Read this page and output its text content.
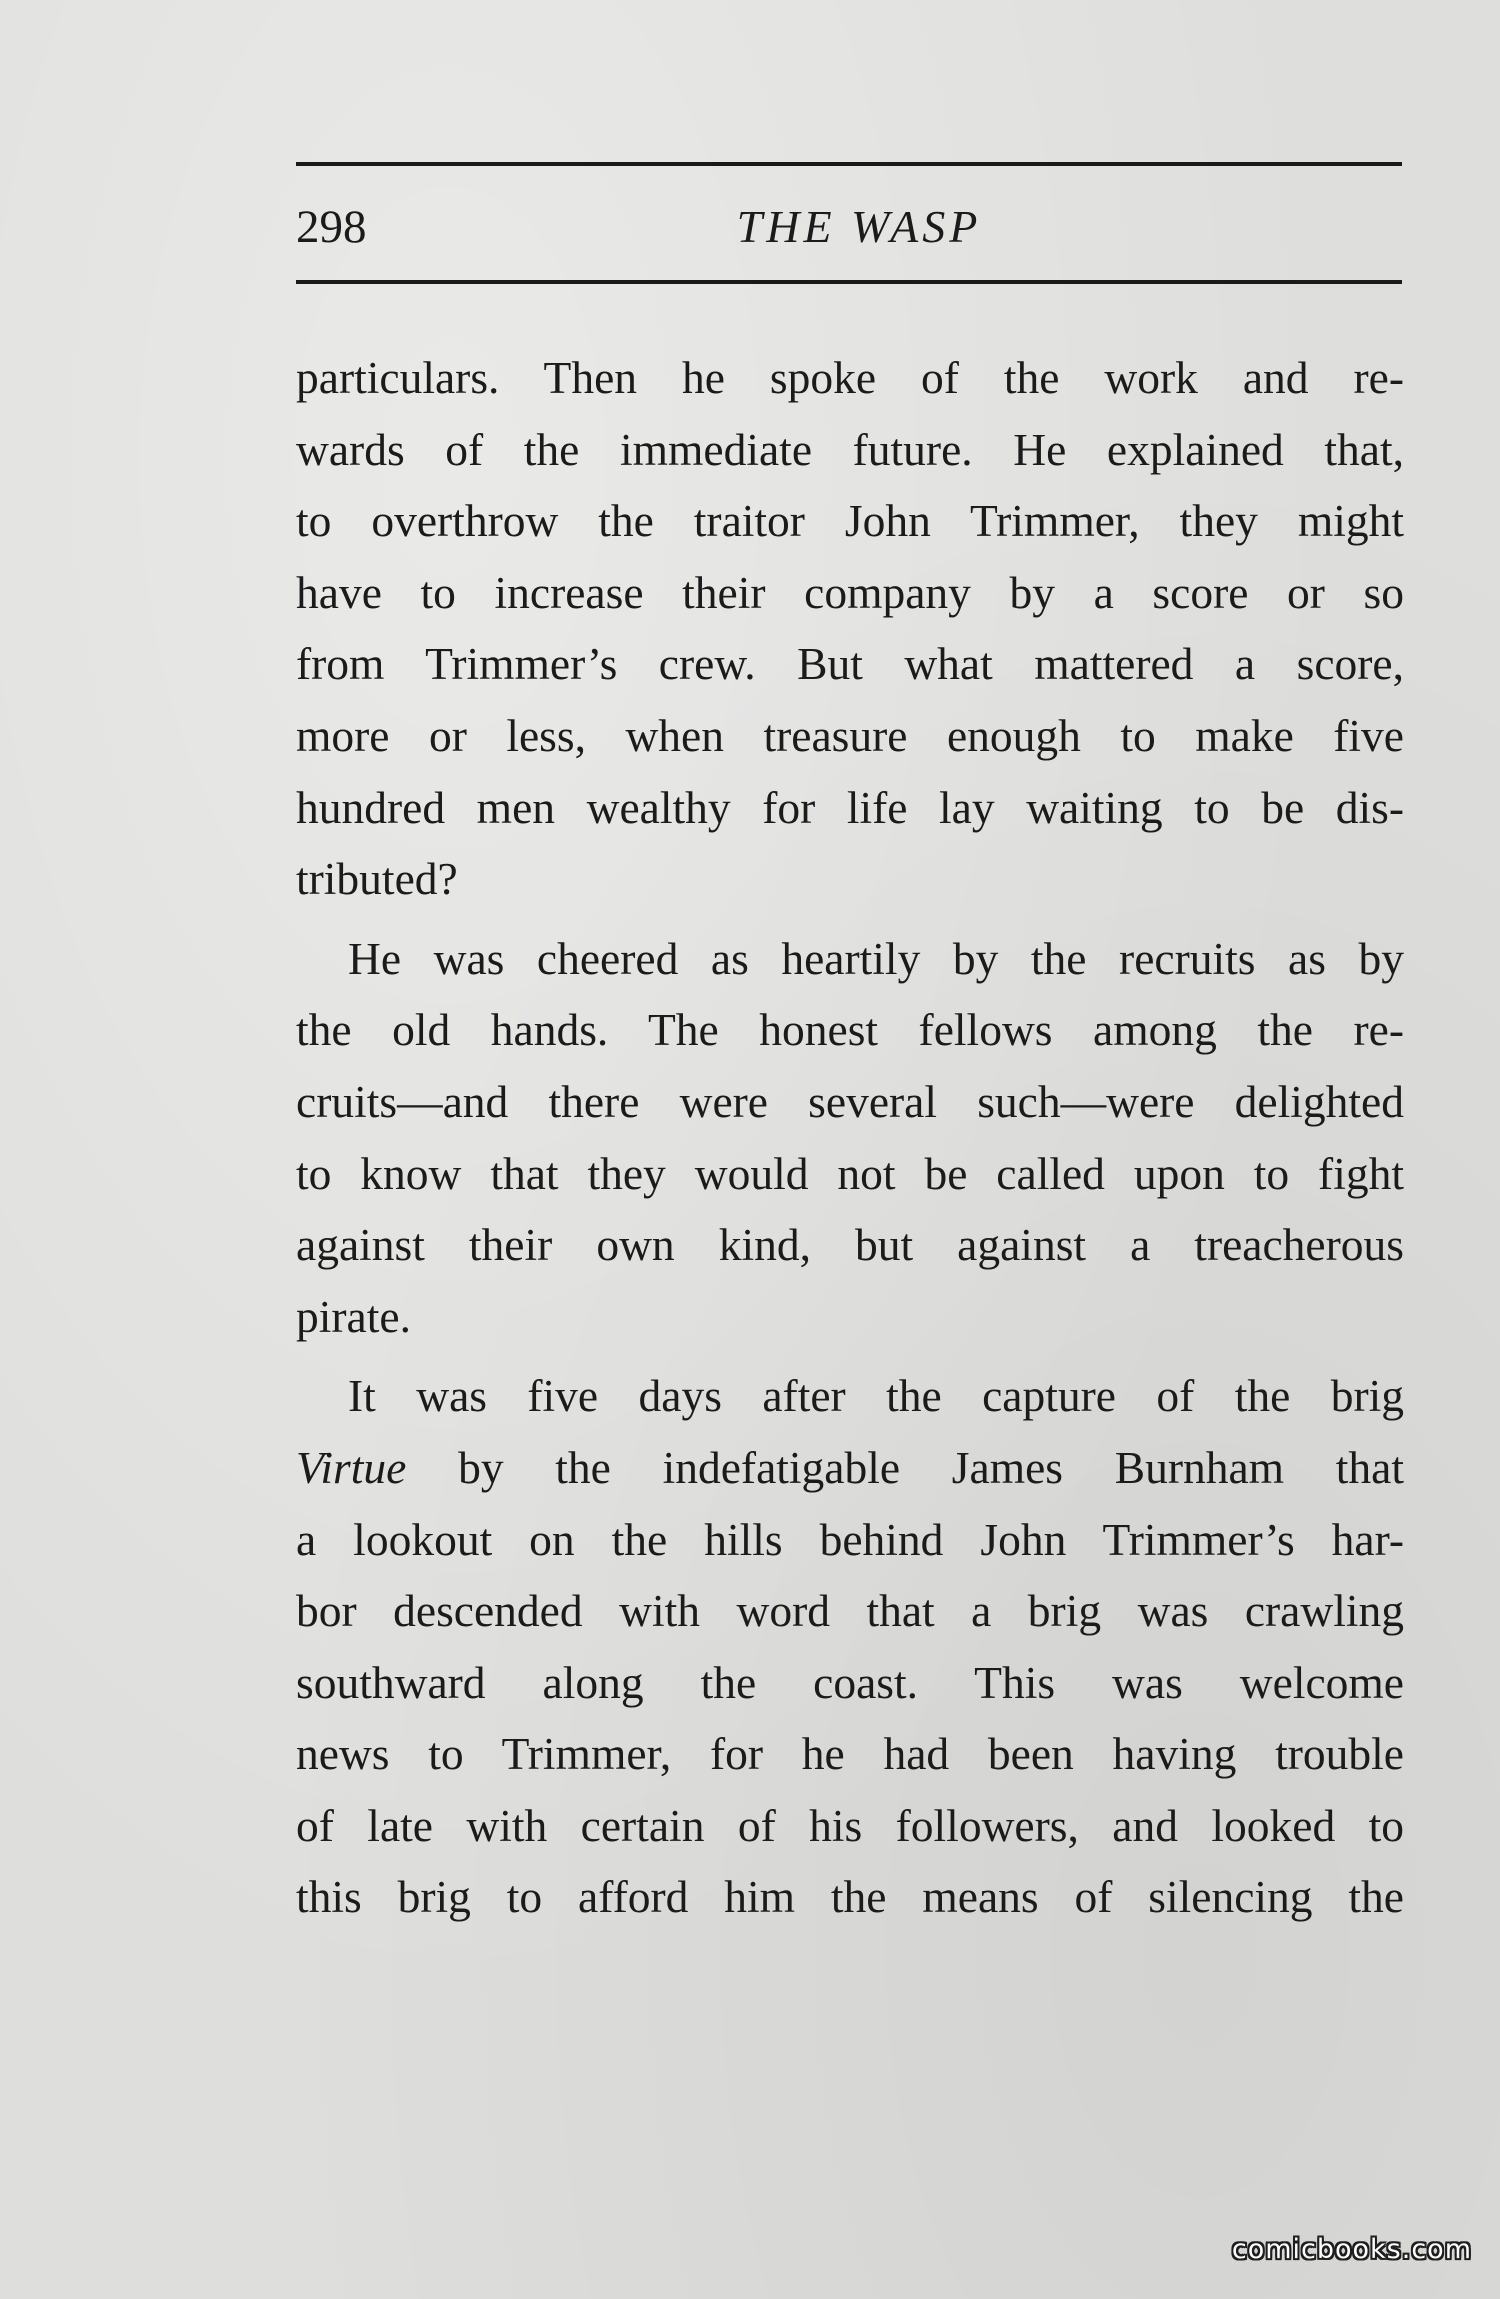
298	THE WASP

particulars. Then he spoke of the work and re-
wards of the immediate future. He explained that,
to overthrow the traitor John Trimmer, they might
have to increase their company by a score or so
from Trimmer’s crew. But what mattered a score,
more or less, when treasure enough to make five
hundred men wealthy for life lay waiting to be dis-
tributed?

He was cheered as heartily by the recruits as by
the old hands. The honest fellows among the re-
cruits—and there were several such—were delighted
to know that they would not be called upon to fight
against their own kind, but against a treacherous
pirate.

It was five days after the capture of the brig
Virtue by the indefatigable James Burnham that
a lookout on the hills behind John Trimmer’s har-
bor descended with word that a brig was crawling
southward along the coast. This was welcome
news to Trimmer, for he had been having trouble
of late with certain of his followers, and looked to
this brig to afford him the means of silencing the

comicbooks.com
